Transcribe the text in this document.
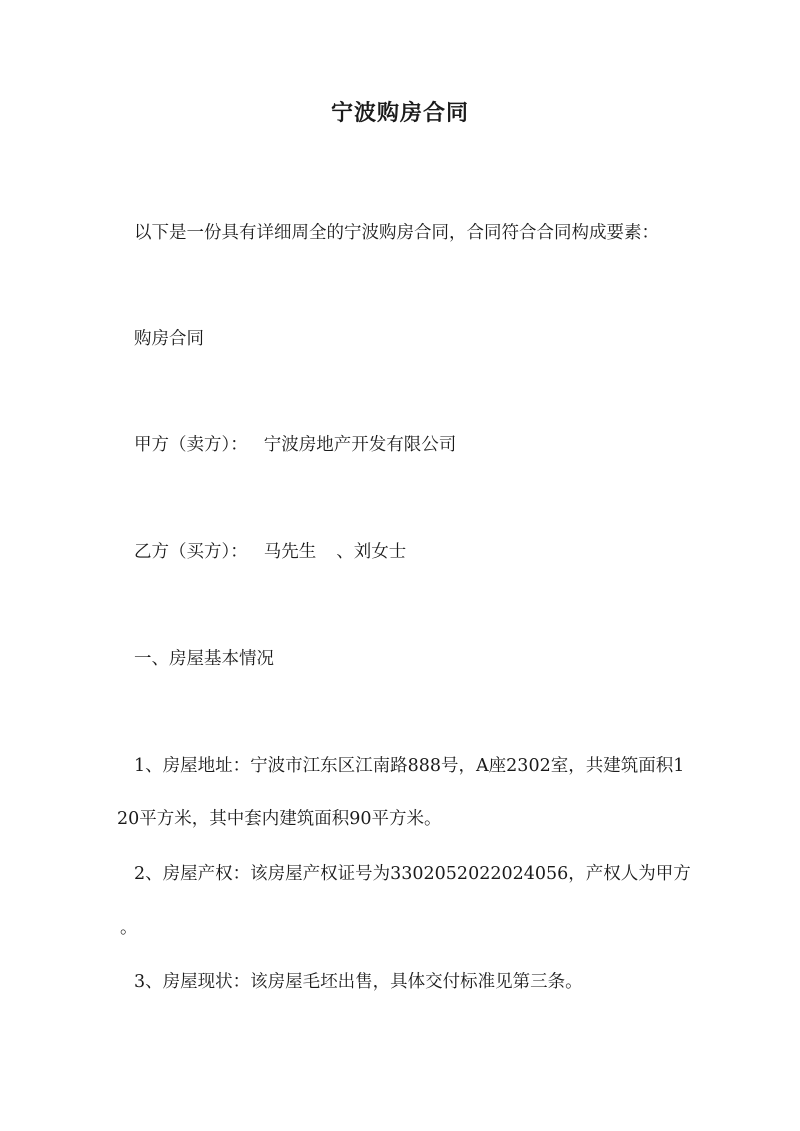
宁波购房合同
以下是一份具有详细周全的宁波购房合同，合同符合合同构成要素：
购房合同
甲方（卖方）： 宁波房地产开发有限公司
乙方（买方）： 马先生 、刘女士
一、房屋基本情况
1、房屋地址：宁波市江东区江南路888号，A座2302室，共建筑面积1
20平方米，其中套内建筑面积90平方米。
2、房屋产权：该房屋产权证号为3302052022024056，产权人为甲方
。
3、房屋现状：该房屋毛坯出售，具体交付标准见第三条。
